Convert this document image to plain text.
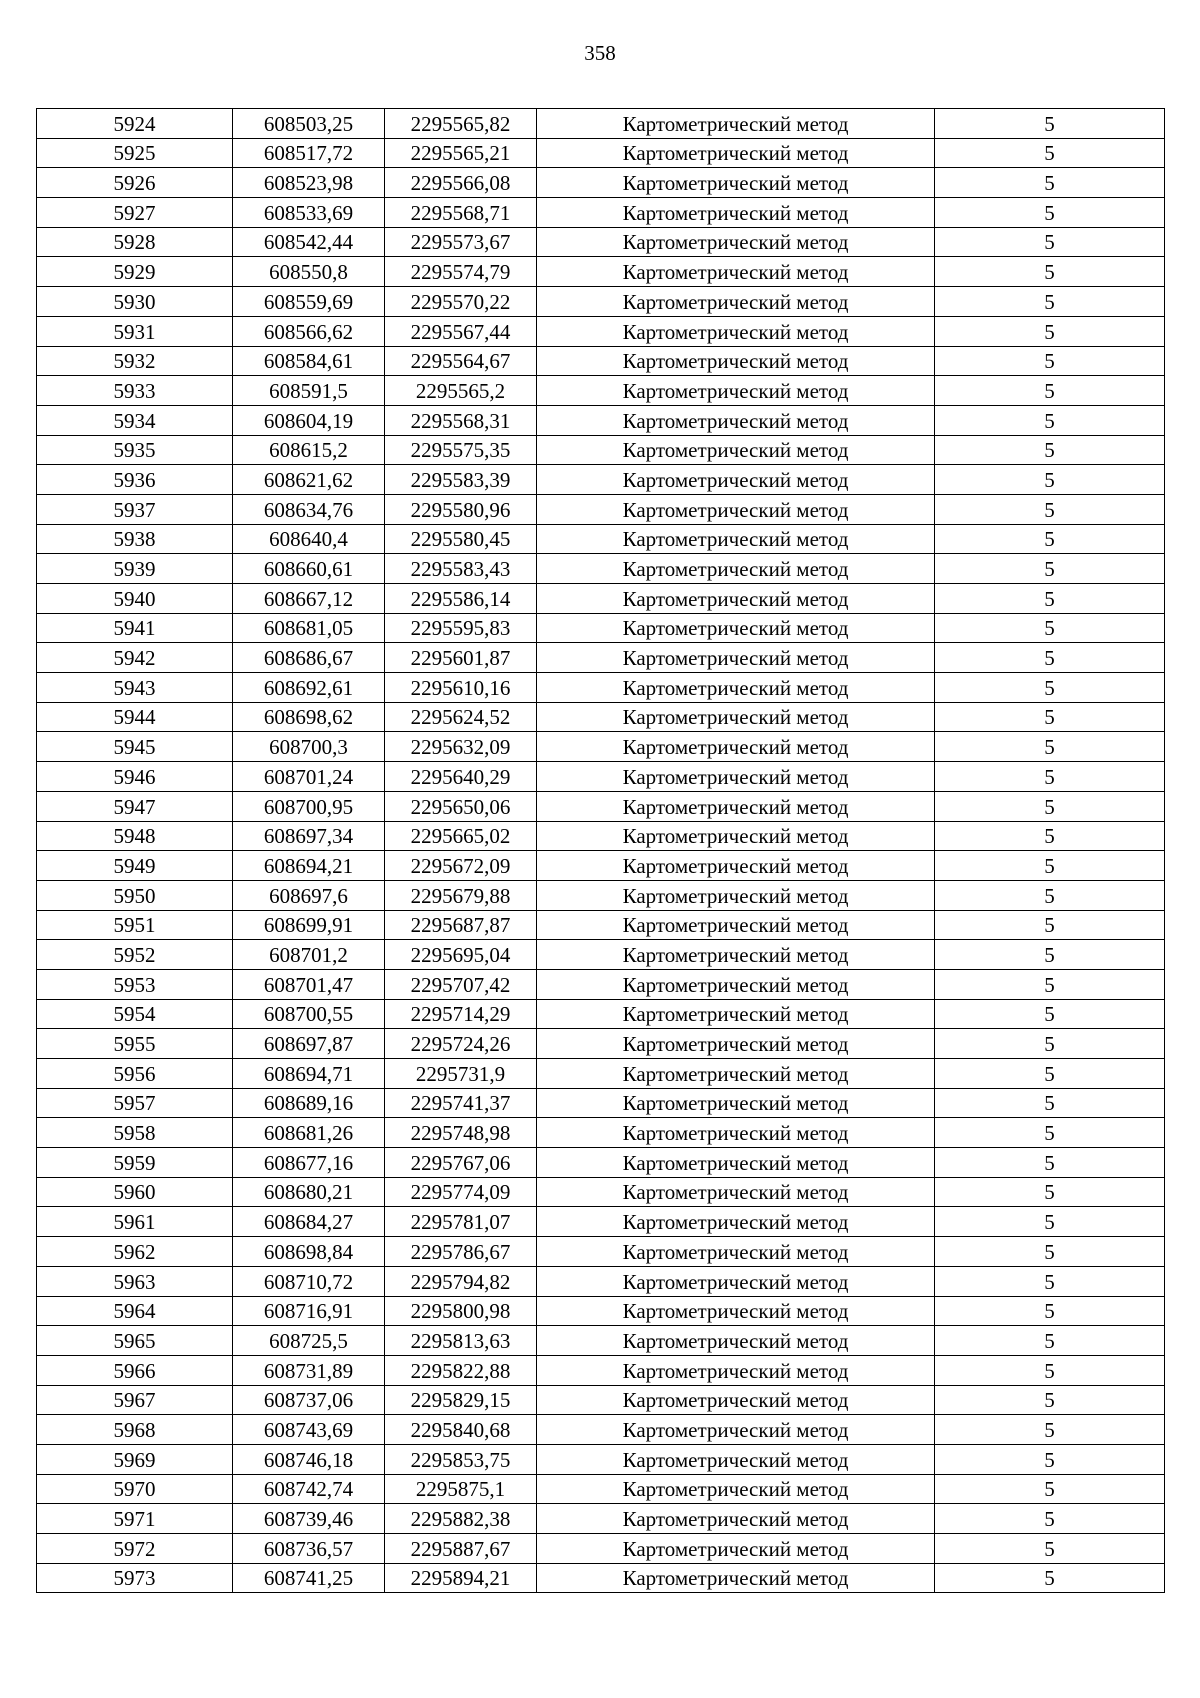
358
5924	608503,25	2295565,82	Картометрический метод	5
5925	608517,72	2295565,21	Картометрический метод	5
5926	608523,98	2295566,08	Картометрический метод	5
5927	608533,69	2295568,71	Картометрический метод	5
5928	608542,44	2295573,67	Картометрический метод	5
5929	608550,8	2295574,79	Картометрический метод	5
5930	608559,69	2295570,22	Картометрический метод	5
5931	608566,62	2295567,44	Картометрический метод	5
5932	608584,61	2295564,67	Картометрический метод	5
5933	608591,5	2295565,2	Картометрический метод	5
5934	608604,19	2295568,31	Картометрический метод	5
5935	608615,2	2295575,35	Картометрический метод	5
5936	608621,62	2295583,39	Картометрический метод	5
5937	608634,76	2295580,96	Картометрический метод	5
5938	608640,4	2295580,45	Картометрический метод	5
5939	608660,61	2295583,43	Картометрический метод	5
5940	608667,12	2295586,14	Картометрический метод	5
5941	608681,05	2295595,83	Картометрический метод	5
5942	608686,67	2295601,87	Картометрический метод	5
5943	608692,61	2295610,16	Картометрический метод	5
5944	608698,62	2295624,52	Картометрический метод	5
5945	608700,3	2295632,09	Картометрический метод	5
5946	608701,24	2295640,29	Картометрический метод	5
5947	608700,95	2295650,06	Картометрический метод	5
5948	608697,34	2295665,02	Картометрический метод	5
5949	608694,21	2295672,09	Картометрический метод	5
5950	608697,6	2295679,88	Картометрический метод	5
5951	608699,91	2295687,87	Картометрический метод	5
5952	608701,2	2295695,04	Картометрический метод	5
5953	608701,47	2295707,42	Картометрический метод	5
5954	608700,55	2295714,29	Картометрический метод	5
5955	608697,87	2295724,26	Картометрический метод	5
5956	608694,71	2295731,9	Картометрический метод	5
5957	608689,16	2295741,37	Картометрический метод	5
5958	608681,26	2295748,98	Картометрический метод	5
5959	608677,16	2295767,06	Картометрический метод	5
5960	608680,21	2295774,09	Картометрический метод	5
5961	608684,27	2295781,07	Картометрический метод	5
5962	608698,84	2295786,67	Картометрический метод	5
5963	608710,72	2295794,82	Картометрический метод	5
5964	608716,91	2295800,98	Картометрический метод	5
5965	608725,5	2295813,63	Картометрический метод	5
5966	608731,89	2295822,88	Картометрический метод	5
5967	608737,06	2295829,15	Картометрический метод	5
5968	608743,69	2295840,68	Картометрический метод	5
5969	608746,18	2295853,75	Картометрический метод	5
5970	608742,74	2295875,1	Картометрический метод	5
5971	608739,46	2295882,38	Картометрический метод	5
5972	608736,57	2295887,67	Картометрический метод	5
5973	608741,25	2295894,21	Картометрический метод	5
